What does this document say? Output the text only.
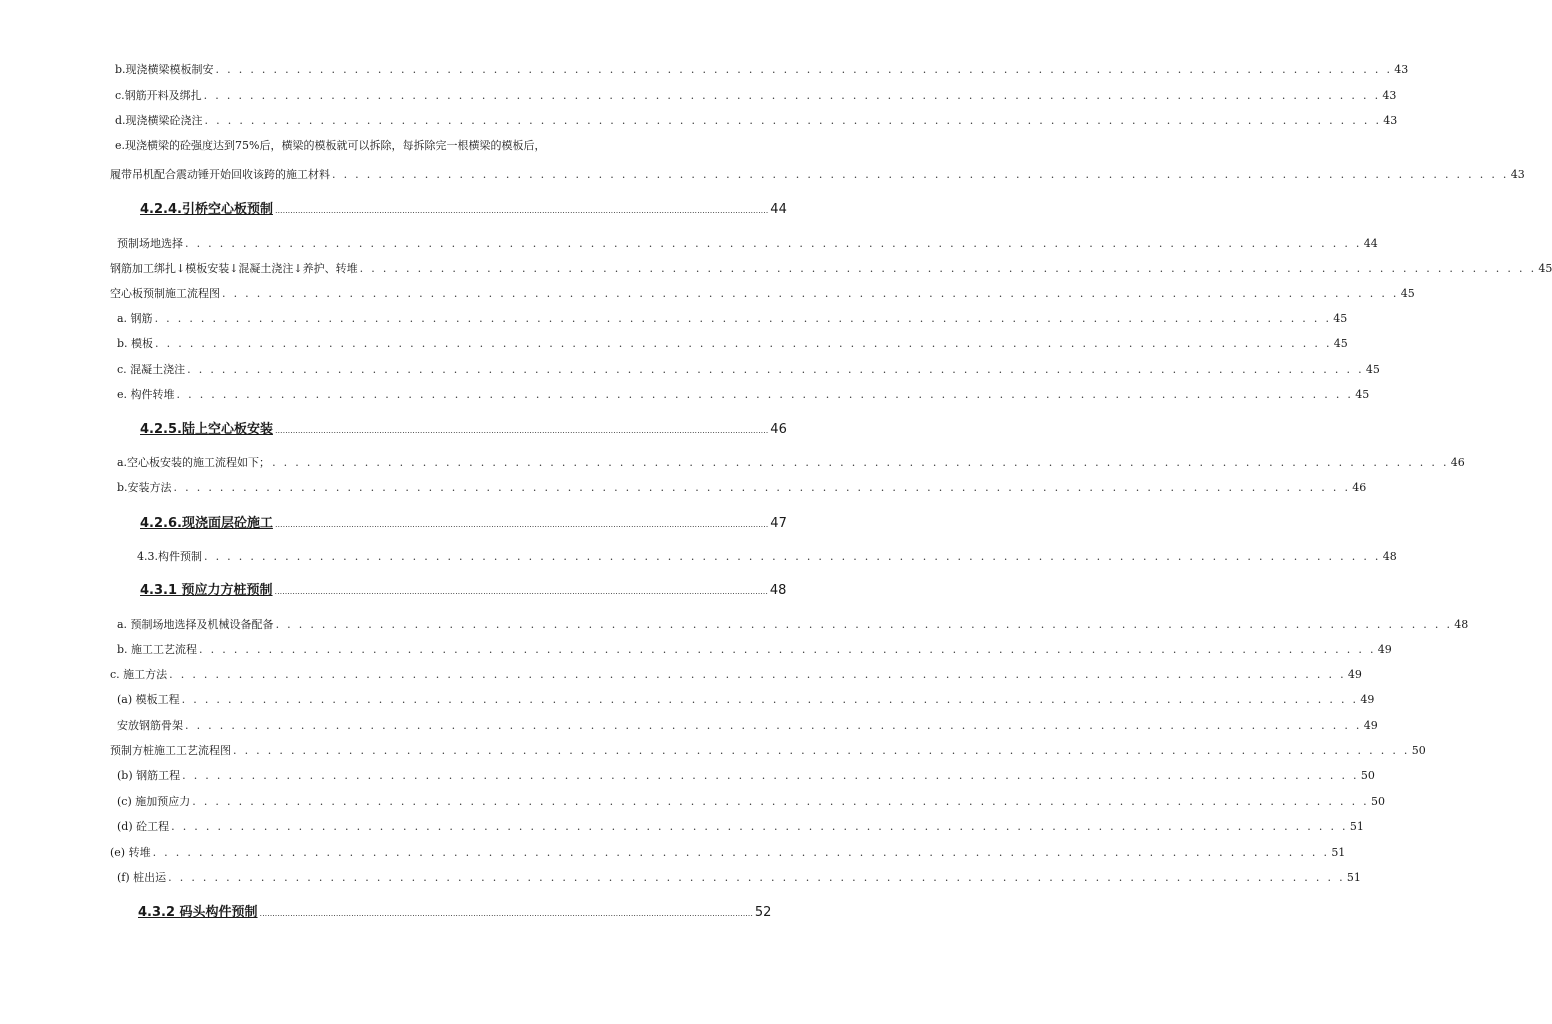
b.现浇横梁模板制安 . . . . . . . . . . . . . . . . . . . . . . . . . . . . . . . . . . . . . . . . . . . . . . . . . . . . . . . . . . . . . . . . . . . . . . . . . . . . . . . . . . . . . . . . . . . . . . . . . . . . . . 43
c.钢筋开料及绑扎 . . . . . . . . . . . . . . . . . . . . . . . . . . . . . . . . . . . . . . . . . . . . . . . . . . . . . . . . . . . . . . . . . . . . . . . . . . . . . . . . . . . . . . . . . . . . . . . . . . . . . . 43
d.现浇横梁砼浇注 . . . . . . . . . . . . . . . . . . . . . . . . . . . . . . . . . . . . . . . . . . . . . . . . . . . . . . . . . . . . . . . . . . . . . . . . . . . . . . . . . . . . . . . . . . . . . . . . . . . . . . 43
e.现浇横梁的砼强度达到75%后，横梁的模板就可以拆除，每拆除完一根横梁的模板后，
履带吊机配合震动锤开始回收该跨的施工材料 . . . . . . . . . . . . . . . . . . . . . . . . . . . . . . . . . . . . . . . . . . . . . . . . . . . . . . . . . . . . . . . . . . . . . . . . . . . . . . . . . . . . . . . . . . . . . . . . . . . . . . 43
4.2.4.引桥空心板预制 .................................................................................................................................................................................................. 44
预制场地选择 . . . . . . . . . . . . . . . . . . . . . . . . . . . . . . . . . . . . . . . . . . . . . . . . . . . . . . . . . . . . . . . . . . . . . . . . . . . . . . . . . . . . . . . . . . . . . . . . . . . . . . 44
钢筋加工绑扎↓模板安装↓混凝土浇注↓养护、转堆 . . . . . . . . . . . . . . . . . . . . . . . . . . . . . . . . . . . . . . . . . . . . . . . . . . . . . . . . . . . . . . . . . . . . . . . . . . . . . . . . . . . . . . . . . . . . . . . . . . . . . . 45
空心板预制施工流程图 . . . . . . . . . . . . . . . . . . . . . . . . . . . . . . . . . . . . . . . . . . . . . . . . . . . . . . . . . . . . . . . . . . . . . . . . . . . . . . . . . . . . . . . . . . . . . . . . . . . . . . 45
a. 钢筋 . . . . . . . . . . . . . . . . . . . . . . . . . . . . . . . . . . . . . . . . . . . . . . . . . . . . . . . . . . . . . . . . . . . . . . . . . . . . . . . . . . . . . . . . . . . . . . . . . . . . . . 45
b. 模板 . . . . . . . . . . . . . . . . . . . . . . . . . . . . . . . . . . . . . . . . . . . . . . . . . . . . . . . . . . . . . . . . . . . . . . . . . . . . . . . . . . . . . . . . . . . . . . . . . . . . . . 45
c. 混凝土浇注 . . . . . . . . . . . . . . . . . . . . . . . . . . . . . . . . . . . . . . . . . . . . . . . . . . . . . . . . . . . . . . . . . . . . . . . . . . . . . . . . . . . . . . . . . . . . . . . . . . . . . . 45
e. 构件转堆 . . . . . . . . . . . . . . . . . . . . . . . . . . . . . . . . . . . . . . . . . . . . . . . . . . . . . . . . . . . . . . . . . . . . . . . . . . . . . . . . . . . . . . . . . . . . . . . . . . . . . . 45
4.2.5.陆上空心板安装 .................................................................................................................................................................................................. 46
a.空心板安装的施工流程如下； . . . . . . . . . . . . . . . . . . . . . . . . . . . . . . . . . . . . . . . . . . . . . . . . . . . . . . . . . . . . . . . . . . . . . . . . . . . . . . . . . . . . . . . . . . . . . . . . . . . . . . 46
b.安装方法 . . . . . . . . . . . . . . . . . . . . . . . . . . . . . . . . . . . . . . . . . . . . . . . . . . . . . . . . . . . . . . . . . . . . . . . . . . . . . . . . . . . . . . . . . . . . . . . . . . . . . . 46
4.2.6.现浇面层砼施工 .................................................................................................................................................................................................. 47
4.3.构件预制 . . . . . . . . . . . . . . . . . . . . . . . . . . . . . . . . . . . . . . . . . . . . . . . . . . . . . . . . . . . . . . . . . . . . . . . . . . . . . . . . . . . . . . . . . . . . . . . . . . . . . . 48
4.3.1 预应力方桩预制 .................................................................................................................................................................................................. 48
a. 预制场地选择及机械设备配备 . . . . . . . . . . . . . . . . . . . . . . . . . . . . . . . . . . . . . . . . . . . . . . . . . . . . . . . . . . . . . . . . . . . . . . . . . . . . . . . . . . . . . . . . . . . . . . . . . . . . . . 48
b. 施工工艺流程 . . . . . . . . . . . . . . . . . . . . . . . . . . . . . . . . . . . . . . . . . . . . . . . . . . . . . . . . . . . . . . . . . . . . . . . . . . . . . . . . . . . . . . . . . . . . . . . . . . . . . . 49
c. 施工方法 . . . . . . . . . . . . . . . . . . . . . . . . . . . . . . . . . . . . . . . . . . . . . . . . . . . . . . . . . . . . . . . . . . . . . . . . . . . . . . . . . . . . . . . . . . . . . . . . . . . . . . 49
(a) 模板工程 . . . . . . . . . . . . . . . . . . . . . . . . . . . . . . . . . . . . . . . . . . . . . . . . . . . . . . . . . . . . . . . . . . . . . . . . . . . . . . . . . . . . . . . . . . . . . . . . . . . . . . 49
安放钢筋骨架 . . . . . . . . . . . . . . . . . . . . . . . . . . . . . . . . . . . . . . . . . . . . . . . . . . . . . . . . . . . . . . . . . . . . . . . . . . . . . . . . . . . . . . . . . . . . . . . . . . . . . . 49
预制方桩施工工艺流程图 . . . . . . . . . . . . . . . . . . . . . . . . . . . . . . . . . . . . . . . . . . . . . . . . . . . . . . . . . . . . . . . . . . . . . . . . . . . . . . . . . . . . . . . . . . . . . . . . . . . . . . 50
(b) 钢筋工程 . . . . . . . . . . . . . . . . . . . . . . . . . . . . . . . . . . . . . . . . . . . . . . . . . . . . . . . . . . . . . . . . . . . . . . . . . . . . . . . . . . . . . . . . . . . . . . . . . . . . . . 50
(c) 施加预应力 . . . . . . . . . . . . . . . . . . . . . . . . . . . . . . . . . . . . . . . . . . . . . . . . . . . . . . . . . . . . . . . . . . . . . . . . . . . . . . . . . . . . . . . . . . . . . . . . . . . . . . 50
(d) 砼工程 . . . . . . . . . . . . . . . . . . . . . . . . . . . . . . . . . . . . . . . . . . . . . . . . . . . . . . . . . . . . . . . . . . . . . . . . . . . . . . . . . . . . . . . . . . . . . . . . . . . . . . 51
(e) 转堆 . . . . . . . . . . . . . . . . . . . . . . . . . . . . . . . . . . . . . . . . . . . . . . . . . . . . . . . . . . . . . . . . . . . . . . . . . . . . . . . . . . . . . . . . . . . . . . . . . . . . . . 51
(f) 桩出运 . . . . . . . . . . . . . . . . . . . . . . . . . . . . . . . . . . . . . . . . . . . . . . . . . . . . . . . . . . . . . . . . . . . . . . . . . . . . . . . . . . . . . . . . . . . . . . . . . . . . . . 51
4.3.2 码头构件预制 .................................................................................................................................................................................................. 52
